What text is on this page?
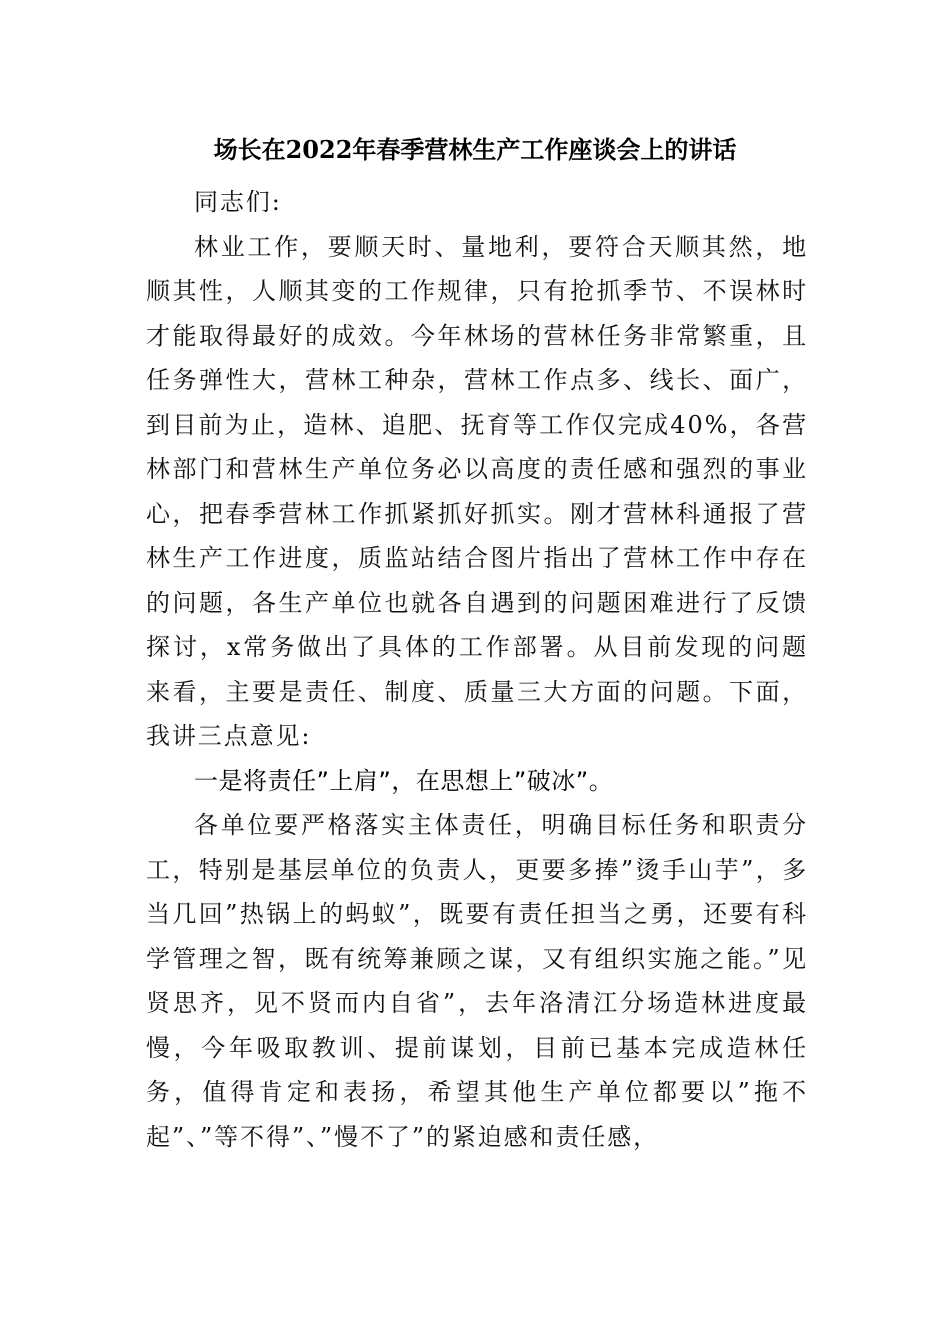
场长在2022年春季营林生产工作座谈会上的讲话

同志们:

林业工作，要顺天时、量地利，要符合天顺其然，地顺其性，人顺其变的工作规律，只有抢抓季节、不误林时才能取得最好的成效。今年林场的营林任务非常繁重，且任务弹性大，营林工种杂，营林工作点多、线长、面广，到目前为止，造林、追肥、抚育等工作仅完成40%，各营林部门和营林生产单位务必以高度的责任感和强烈的事业心，把春季营林工作抓紧抓好抓实。刚才营林科通报了营林生产工作进度，质监站结合图片指出了营林工作中存在的问题，各生产单位也就各自遇到的问题困难进行了反馈探讨，x常务做出了具体的工作部署。从目前发现的问题来看，主要是责任、制度、质量三大方面的问题。下面，我讲三点意见:

一是将责任”上肩”，在思想上”破冰”。

各单位要严格落实主体责任，明确目标任务和职责分工，特别是基层单位的负责人，更要多捧”烫手山芋”，多当几回”热锅上的蚂蚁”，既要有责任担当之勇，还要有科学管理之智，既有统筹兼顾之谋，又有组织实施之能。”见贤思齐，见不贤而内自省”，去年洛清江分场造林进度最慢，今年吸取教训、提前谋划，目前已基本完成造林任务，值得肯定和表扬，希望其他生产单位都要以”拖不起”、”等不得”、”慢不了”的紧迫感和责任感，
